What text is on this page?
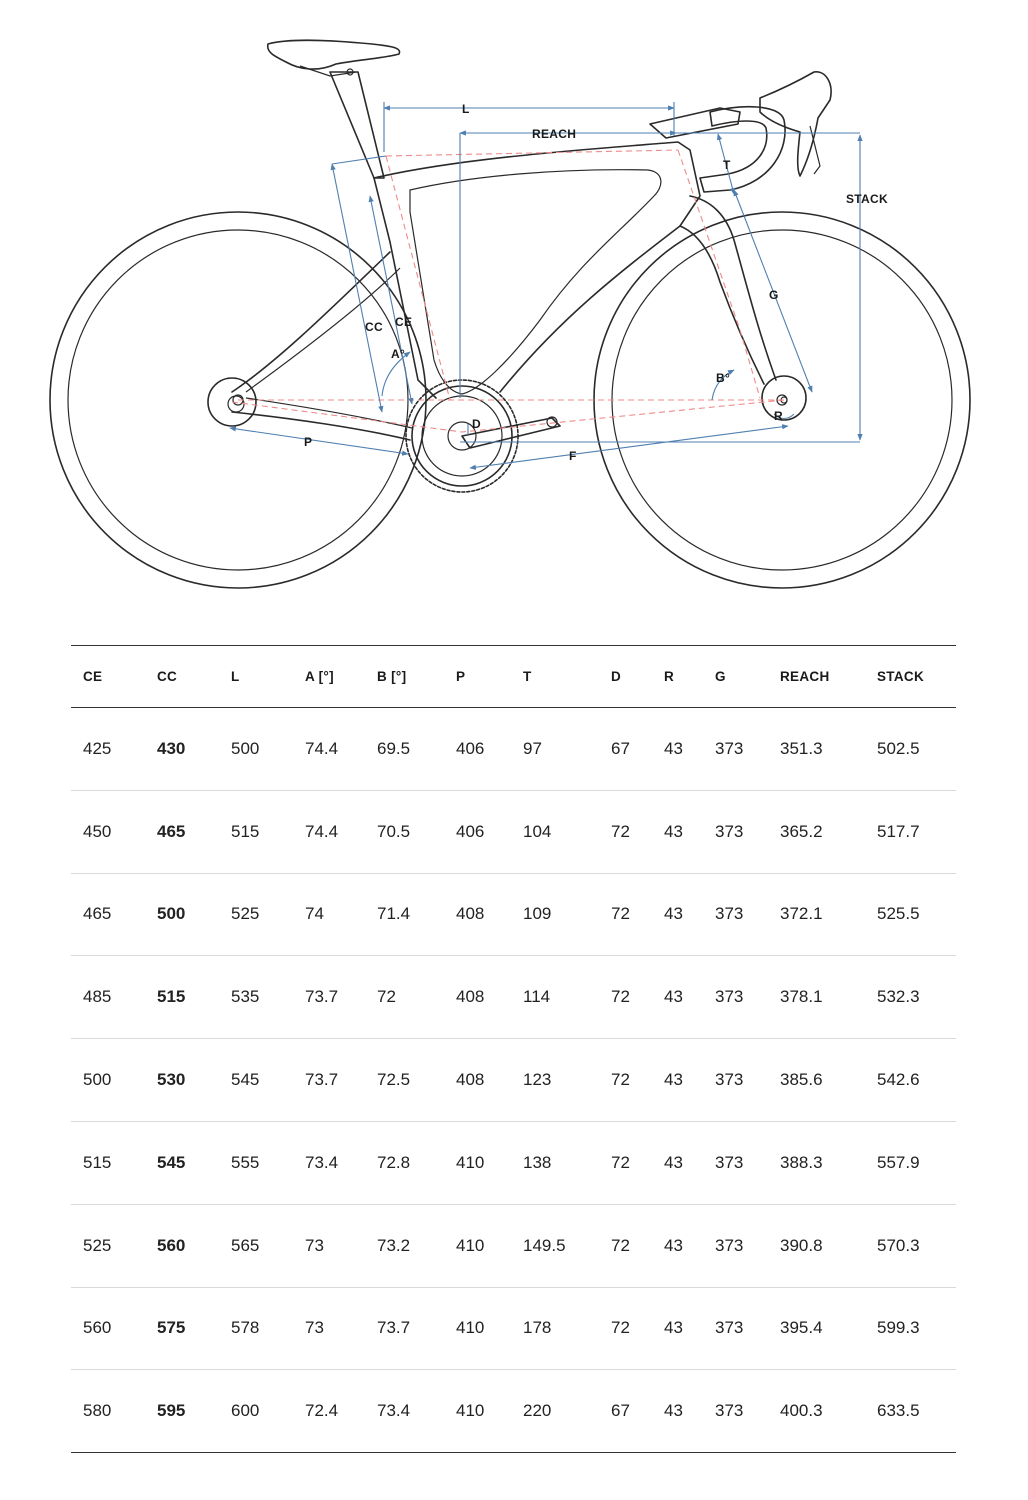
L
REACH
STACK
T
G
CC CE
A°
B°
D
R
P
F
CE	CC	L	A [°]	B [°]	P	T	D	R	G	REACH	STACK
425	430	500	74.4	69.5	406	97	67	43	373	351.3	502.5
450	465	515	74.4	70.5	406	104	72	43	373	365.2	517.7
465	500	525	74	71.4	408	109	72	43	373	372.1	525.5
485	515	535	73.7	72	408	114	72	43	373	378.1	532.3
500	530	545	73.7	72.5	408	123	72	43	373	385.6	542.6
515	545	555	73.4	72.8	410	138	72	43	373	388.3	557.9
525	560	565	73	73.2	410	149.5	72	43	373	390.8	570.3
560	575	578	73	73.7	410	178	72	43	373	395.4	599.3
580	595	600	72.4	73.4	410	220	67	43	373	400.3	633.5
